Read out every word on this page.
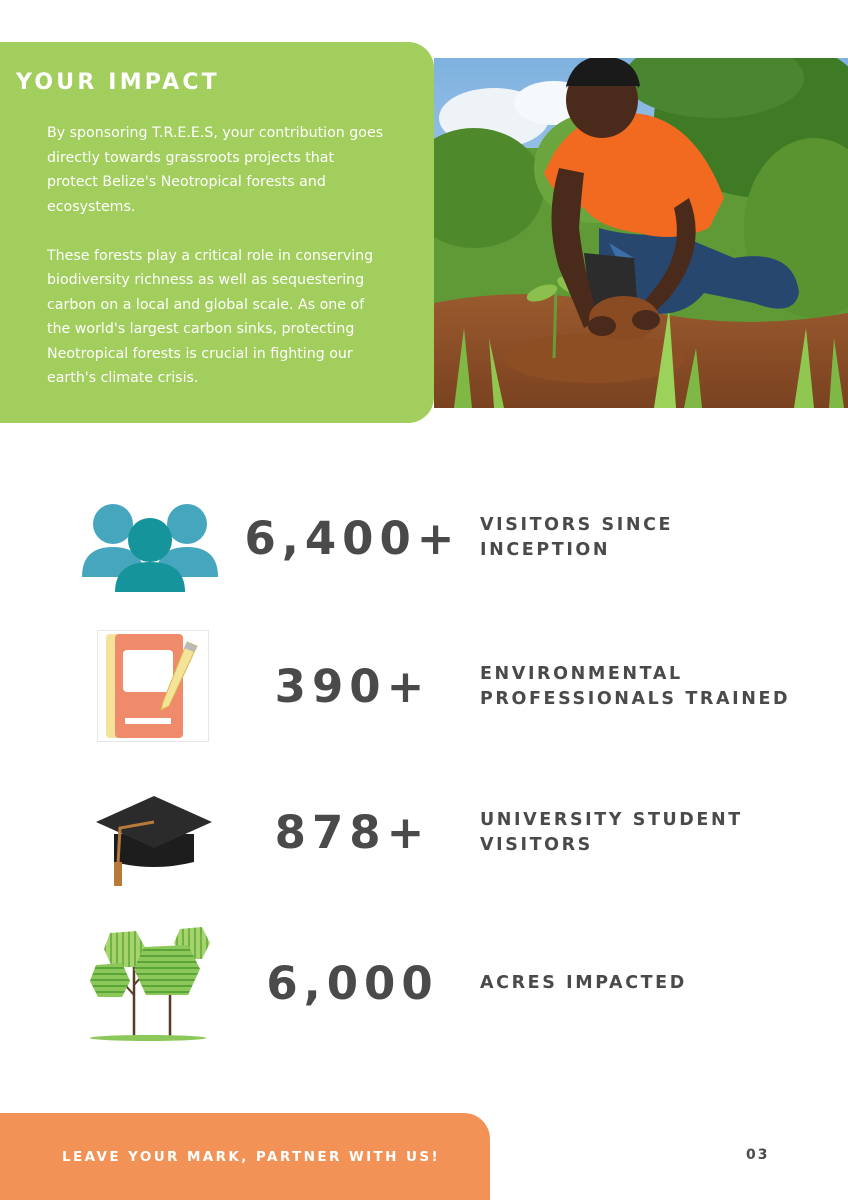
YOUR IMPACT

By sponsoring T.R.E.E.S, your contribution goes directly towards grassroots projects that protect Belize's Neotropical forests and ecosystems.

These forests play a critical role in conserving biodiversity richness as well as sequestering carbon on a local and global scale. As one of the world's largest carbon sinks, protecting Neotropical forests is crucial in fighting our earth's climate crisis.

6,400+ VISITORS SINCE
INCEPTION
390+	ENVIRONMENTAL
PROFESSIONALS TRAINED
878+	UNIVERSITY STUDENT
VISITORS
6,000	ACRES IMPACTED
LEAVE YOUR MARK, PARTNER WITH US!	03
